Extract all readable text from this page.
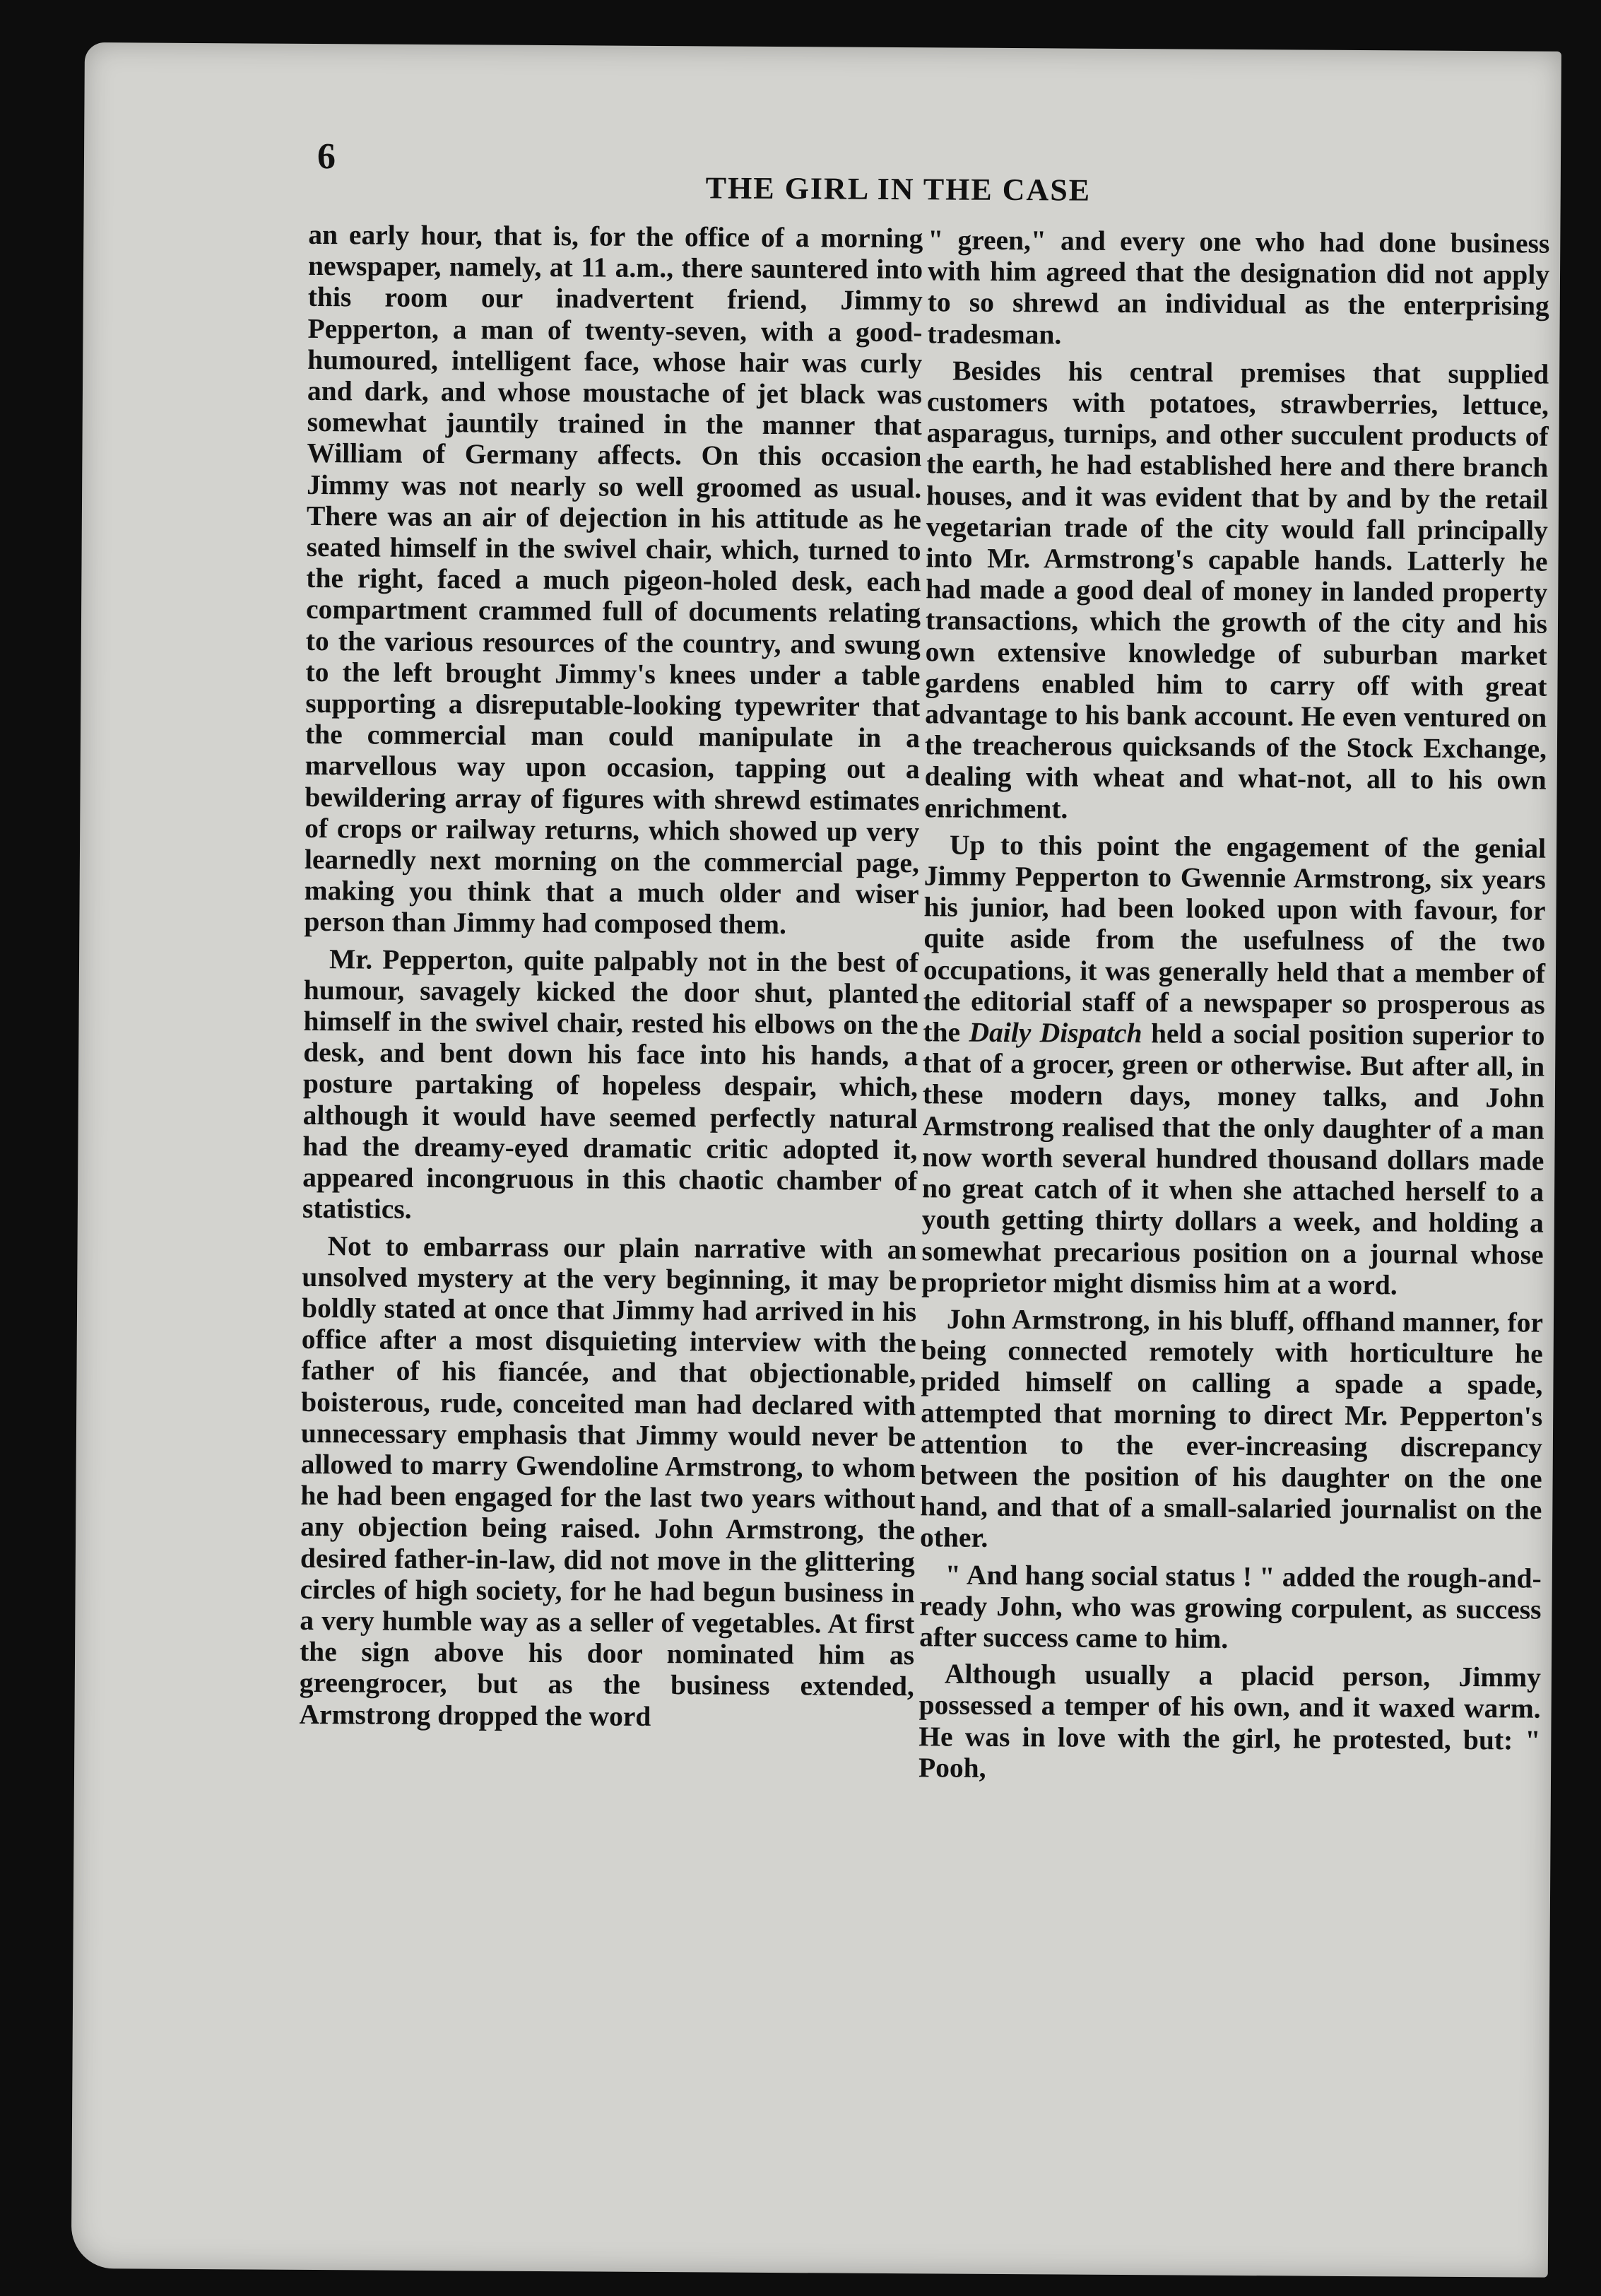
6
THE GIRL IN THE CASE

an early hour, that is, for the office of a morning newspaper, namely, at 11 a.m., there sauntered into this room our inadvertent friend, Jimmy Pepperton, a man of twenty-seven, with a good-humoured, intelligent face, whose hair was curly and dark, and whose moustache of jet black was somewhat jauntily trained in the manner that William of Germany affects. On this occasion Jimmy was not nearly so well groomed as usual. There was an air of dejection in his attitude as he seated himself in the swivel chair, which, turned to the right, faced a much pigeon-holed desk, each compartment crammed full of documents relating to the various resources of the country, and swung to the left brought Jimmy's knees under a table supporting a disreputable-looking typewriter that the commercial man could manipulate in a marvellous way upon occasion, tapping out a bewildering array of figures with shrewd estimates of crops or railway returns, which showed up very learnedly next morning on the commercial page, making you think that a much older and wiser person than Jimmy had composed them.

Mr. Pepperton, quite palpably not in the best of humour, savagely kicked the door shut, planted himself in the swivel chair, rested his elbows on the desk, and bent down his face into his hands, a posture partaking of hopeless despair, which, although it would have seemed perfectly natural had the dreamy-eyed dramatic critic adopted it, appeared incongruous in this chaotic chamber of statistics.

Not to embarrass our plain narrative with an unsolved mystery at the very beginning, it may be boldly stated at once that Jimmy had arrived in his office after a most disquieting interview with the father of his fiancée, and that objectionable, boisterous, rude, conceited man had declared with unnecessary emphasis that Jimmy would never be allowed to marry Gwendoline Armstrong, to whom he had been engaged for the last two years without any objection being raised. John Armstrong, the desired father-in-law, did not move in the glittering circles of high society, for he had begun business in a very humble way as a seller of vegetables. At first the sign above his door nominated him as greengrocer, but as the business extended, Armstrong dropped the word

" green," and every one who had done business with him agreed that the designation did not apply to so shrewd an individual as the enterprising tradesman.

Besides his central premises that supplied customers with potatoes, strawberries, lettuce, asparagus, turnips, and other succulent products of the earth, he had established here and there branch houses, and it was evident that by and by the retail vegetarian trade of the city would fall principally into Mr. Armstrong's capable hands. Latterly he had made a good deal of money in landed property transactions, which the growth of the city and his own extensive knowledge of suburban market gardens enabled him to carry off with great advantage to his bank account. He even ventured on the treacherous quicksands of the Stock Exchange, dealing with wheat and what-not, all to his own enrichment.

Up to this point the engagement of the genial Jimmy Pepperton to Gwennie Armstrong, six years his junior, had been looked upon with favour, for quite aside from the usefulness of the two occupations, it was generally held that a member of the editorial staff of a newspaper so prosperous as the Daily Dispatch held a social position superior to that of a grocer, green or otherwise. But after all, in these modern days, money talks, and John Armstrong realised that the only daughter of a man now worth several hundred thousand dollars made no great catch of it when she attached herself to a youth getting thirty dollars a week, and holding a somewhat precarious position on a journal whose proprietor might dismiss him at a word.

John Armstrong, in his bluff, offhand manner, for being connected remotely with horticulture he prided himself on calling a spade a spade, attempted that morning to direct Mr. Pepperton's attention to the ever-increasing discrepancy between the position of his daughter on the one hand, and that of a small-salaried journalist on the other.

" And hang social status ! " added the rough-and-ready John, who was growing corpulent, as success after success came to him.

Although usually a placid person, Jimmy possessed a temper of his own, and it waxed warm. He was in love with the girl, he protested, but: " Pooh,
